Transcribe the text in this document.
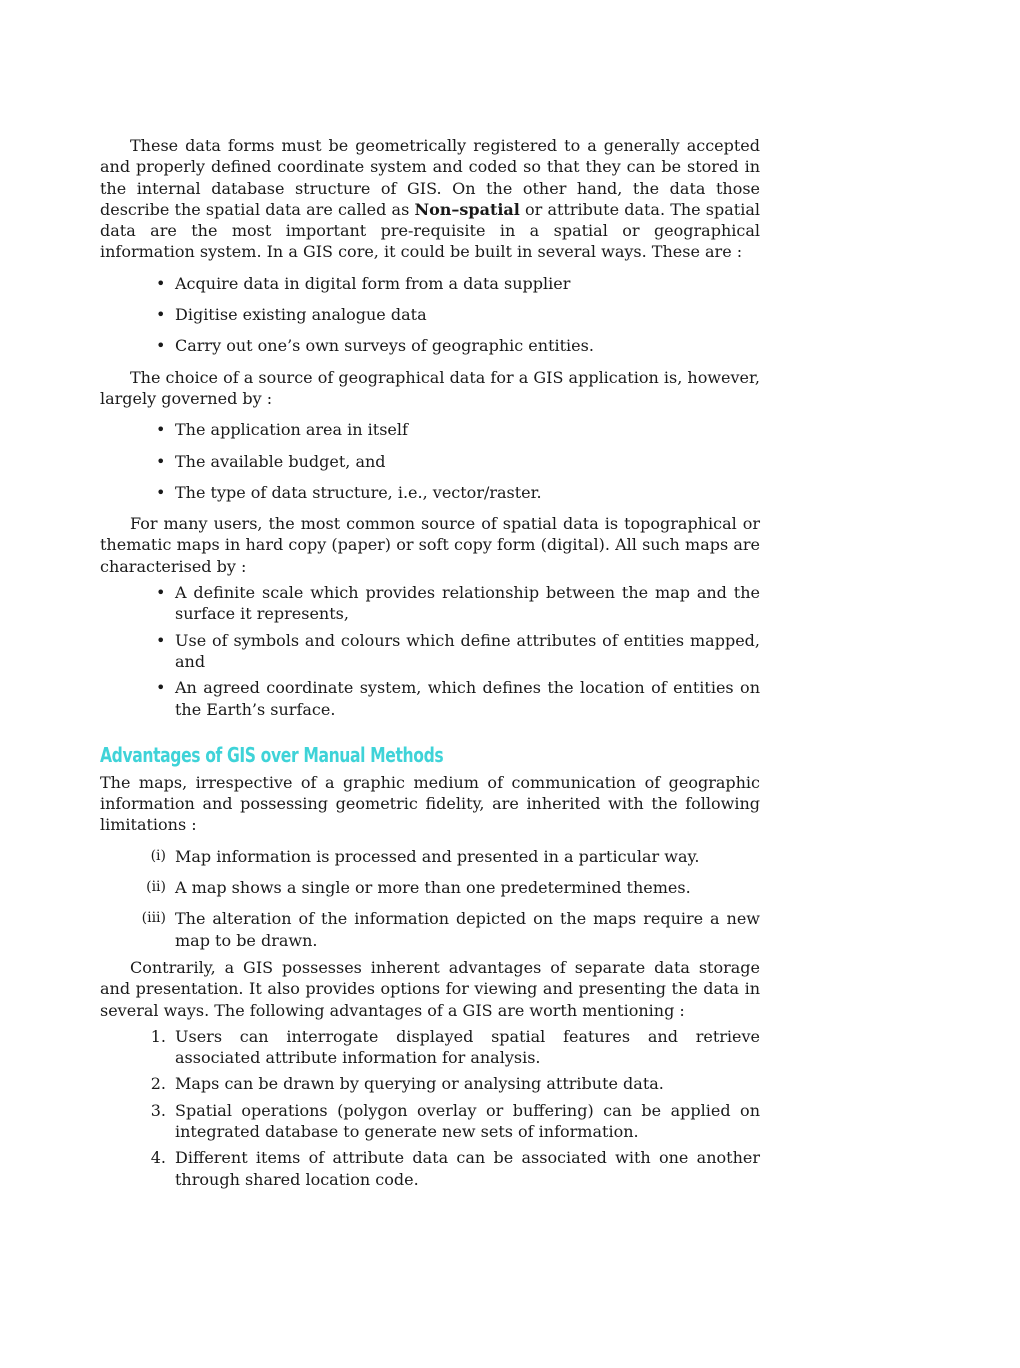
These data forms must be geometrically registered to a generally accepted and properly defined coordinate system and coded so that they can be stored in the internal database structure of GIS. On the other hand, the data those describe the spatial data are called as Non–spatial or attribute data. The spatial data are the most important pre-requisite in a spatial or geographical information system. In a GIS core, it could be built in several ways. These are :

• Acquire data in digital form from a data supplier
• Digitise existing analogue data
• Carry out one’s own surveys of geographic entities.

The choice of a source of geographical data for a GIS application is, however, largely governed by :

• The application area in itself
• The available budget, and
• The type of data structure, i.e., vector/raster.

For many users, the most common source of spatial data is topographical or thematic maps in hard copy (paper) or soft copy form (digital). All such maps are characterised by :

• A definite scale which provides relationship between the map and the surface it represents,
• Use of symbols and colours which define attributes of entities mapped, and
• An agreed coordinate system, which defines the location of entities on the Earth’s surface.
Advantages of GIS over Manual Methods

The maps, irrespective of a graphic medium of communication of geographic information and possessing geometric fidelity, are inherited with the following limitations :

(i) Map information is processed and presented in a particular way.
(ii) A map shows a single or more than one predetermined themes.
(iii) The alteration of the information depicted on the maps require a new map to be drawn.

Contrarily, a GIS possesses inherent advantages of separate data storage and presentation. It also provides options for viewing and presenting the data in several ways. The following advantages of a GIS are worth mentioning :

1. Users can interrogate displayed spatial features and retrieve associated attribute information for analysis.
2. Maps can be drawn by querying or analysing attribute data.
3. Spatial operations (polygon overlay or buffering) can be applied on integrated database to generate new sets of information.
4. Different items of attribute data can be associated with one another through shared location code.
